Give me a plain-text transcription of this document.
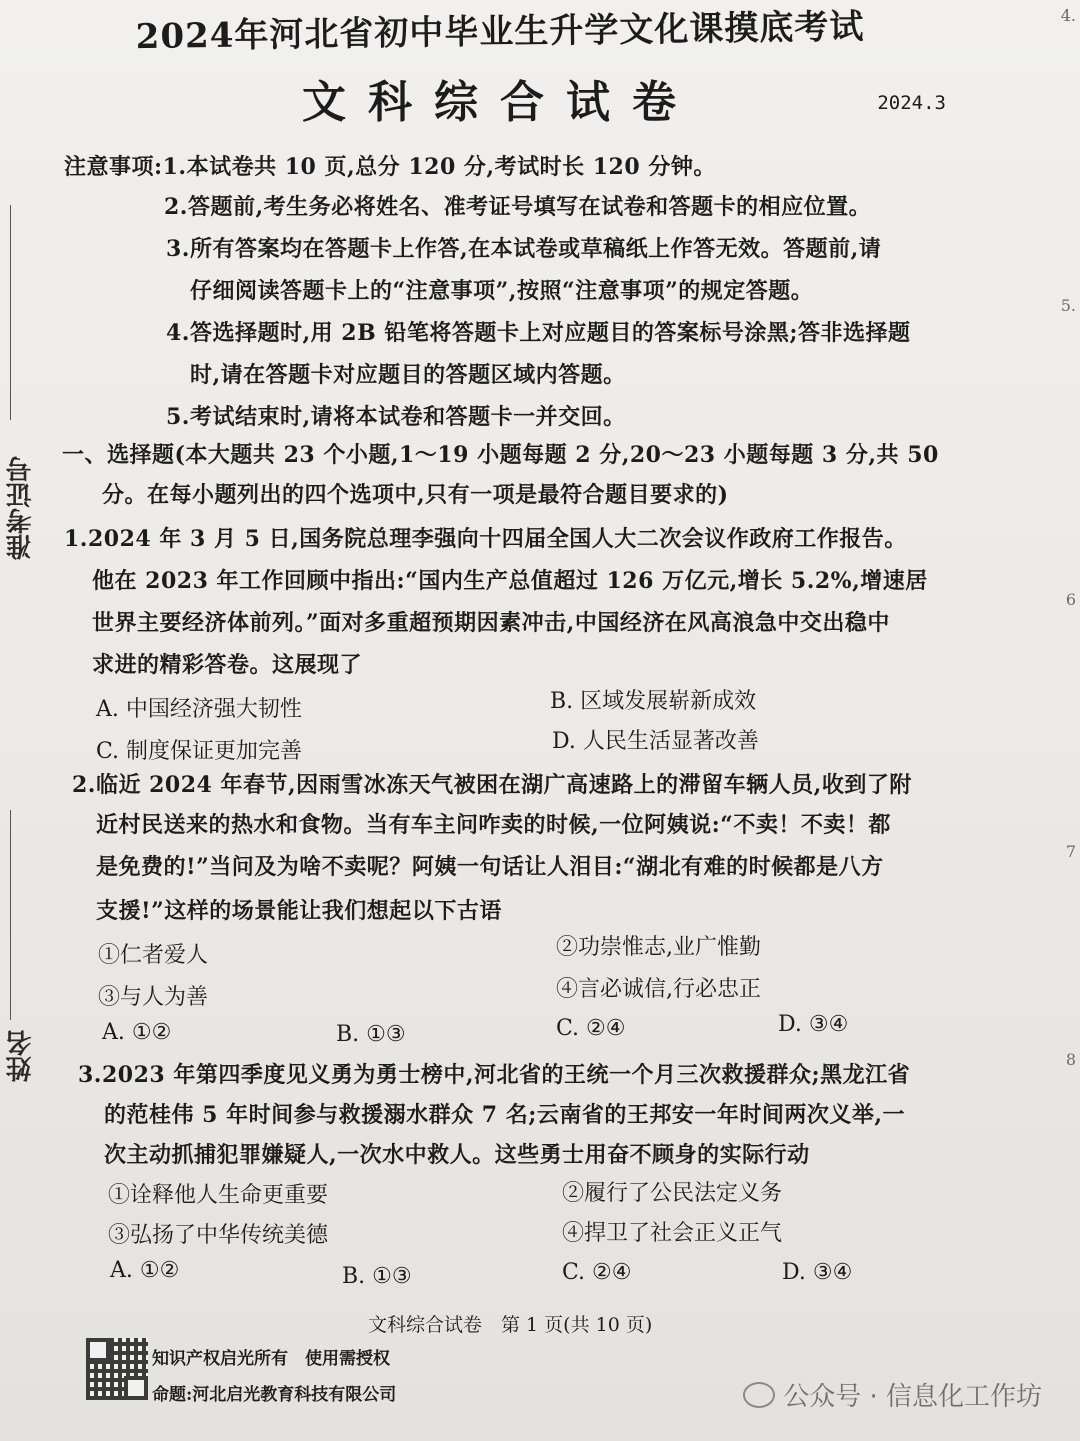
准考证号
姓名
4.
5.
6
7
8
2024年河北省初中毕业生升学文化课摸底考试
文科综合试卷	2024.3
注意事项:1.本试卷共 10 页,总分 120 分,考试时长 120 分钟。
2.答题前,考生务必将姓名、准考证号填写在试卷和答题卡的相应位置。
3.所有答案均在答题卡上作答,在本试卷或草稿纸上作答无效。答题前,请
仔细阅读答题卡上的“注意事项”,按照“注意事项”的规定答题。
4.答选择题时,用 2B 铅笔将答题卡上对应题目的答案标号涂黑;答非选择题
时,请在答题卡对应题目的答题区域内答题。
5.考试结束时,请将本试卷和答题卡一并交回。
一、选择题(本大题共 23 个小题,1～19 小题每题 2 分,20～23 小题每题 3 分,共 50
分。在每小题列出的四个选项中,只有一项是最符合题目要求的)
1.2024 年 3 月 5 日,国务院总理李强向十四届全国人大二次会议作政府工作报告。
他在 2023 年工作回顾中指出:“国内生产总值超过 126 万亿元,增长 5.2%,增速居
世界主要经济体前列。”面对多重超预期因素冲击,中国经济在风高浪急中交出稳中
求进的精彩答卷。这展现了
A. 中国经济强大韧性	B. 区域发展崭新成效
C. 制度保证更加完善	D. 人民生活显著改善
2.临近 2024 年春节,因雨雪冰冻天气被困在湖广高速路上的滞留车辆人员,收到了附
近村民送来的热水和食物。当有车主问咋卖的时候,一位阿姨说:“不卖！不卖！都
是免费的!”当问及为啥不卖呢？阿姨一句话让人泪目:“湖北有难的时候都是八方
支援!”这样的场景能让我们想起以下古语
①仁者爱人	②功崇惟志,业广惟勤
③与人为善	④言必诚信,行必忠正
A. ①②	B. ①③	C. ②④	D. ③④
3.2023 年第四季度见义勇为勇士榜中,河北省的王统一个月三次救援群众;黑龙江省
的范桂伟 5 年时间参与救援溺水群众 7 名;云南省的王邦安一年时间两次义举,一
次主动抓捕犯罪嫌疑人,一次水中救人。这些勇士用奋不顾身的实际行动
①诠释他人生命更重要	②履行了公民法定义务
③弘扬了中华传统美德	④捍卫了社会正义正气
A. ①②	B. ①③	C. ②④	D. ③④
文科综合试卷　第 1 页(共 10 页)
知识产权启光所有　使用需授权
命题:河北启光教育科技有限公司	公众号 · 信息化工作坊
